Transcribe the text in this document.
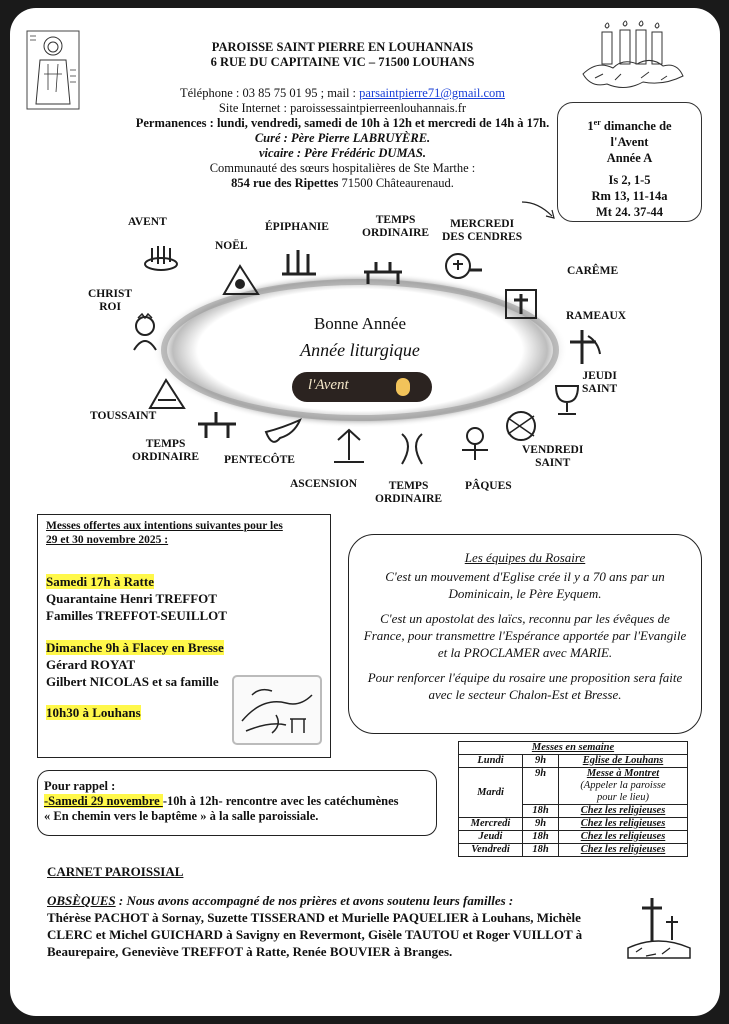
PAROISSE SAINT PIERRE EN LOUHANNAIS
6 RUE DU CAPITAINE VIC – 71500 LOUHANS
Téléphone : 03 85 75 01 95 ; mail : parsaintpierre71@gmail.com
Site Internet : paroissessaintpierreenlouhannais.fr
Permanences : lundi, vendredi, samedi de 10h à 12h et mercredi de 14h à 17h.
Curé : Père Pierre LABRUYÈRE.
vicaire : Père Frédéric DUMAS.
Communauté des sœurs hospitalières de Ste Marthe :
854 rue des Ripettes 71500 Châteaurenaud.
1er dimanche de
l'Avent
Année A
Is 2, 1-5
Rm 13, 11-14a
Mt 24. 37-44
Bonne Année
Année liturgique
l'Avent
AVENT
NOËL
ÉPIPHANIE
TEMPS
ORDINAIRE
MERCREDI
DES CENDRES
CARÊME
RAMEAUX
JEUDI
SAINT
VENDREDI
SAINT
PÂQUES
TEMPS
ORDINAIRE
ASCENSION
PENTECÔTE
TEMPS
ORDINAIRE
TOUSSAINT
CHRIST
ROI
Messes offertes aux intentions suivantes pour les
29 et 30 novembre 2025 :
Samedi 17h à Ratte
Quarantaine Henri TREFFOT
Familles TREFFOT-SEUILLOT
Dimanche 9h à Flacey en Bresse
Gérard ROYAT
Gilbert NICOLAS et sa famille
10h30 à Louhans

Les équipes du Rosaire

C'est un mouvement d'Eglise crée il y a 70 ans par un Dominicain, le Père Eyquem.

C'est un apostolat des laïcs, reconnu par les évêques de France, pour transmettre l'Espérance apportée par l'Evangile et la PROCLAMER avec MARIE.

Pour renforcer l'équipe du rosaire une proposition sera faite avec le secteur Chalon-Est et Bresse.

Pour rappel :
-Samedi 29 novembre -10h à 12h- rencontre avec les catéchumènes
« En chemin vers le baptême » à la salle paroissiale.
Messes en semaine		
Lundi	9h	Eglise de Louhans
Mardi	9h	Messe à Montret
(Appeler la paroisse
pour le lieu)

	18h	Chez les religieuses
Mercredi	9h	Chez les religieuses
Jeudi	18h	Chez les religieuses
Vendredi	18h	Chez les religieuses
CARNET PAROISSIAL
OBSÈQUES : Nous avons accompagné de nos prières et avons soutenu leurs familles :
Thérèse PACHOT à Sornay, Suzette TISSERAND et Murielle PAQUELIER à Louhans, Michèle CLERC et Michel GUICHARD à Savigny en Revermont, Gisèle TAUTOU et Roger VUILLOT à Beaurepaire, Geneviève TREFFOT à Ratte, Renée BOUVIER à Branges.
